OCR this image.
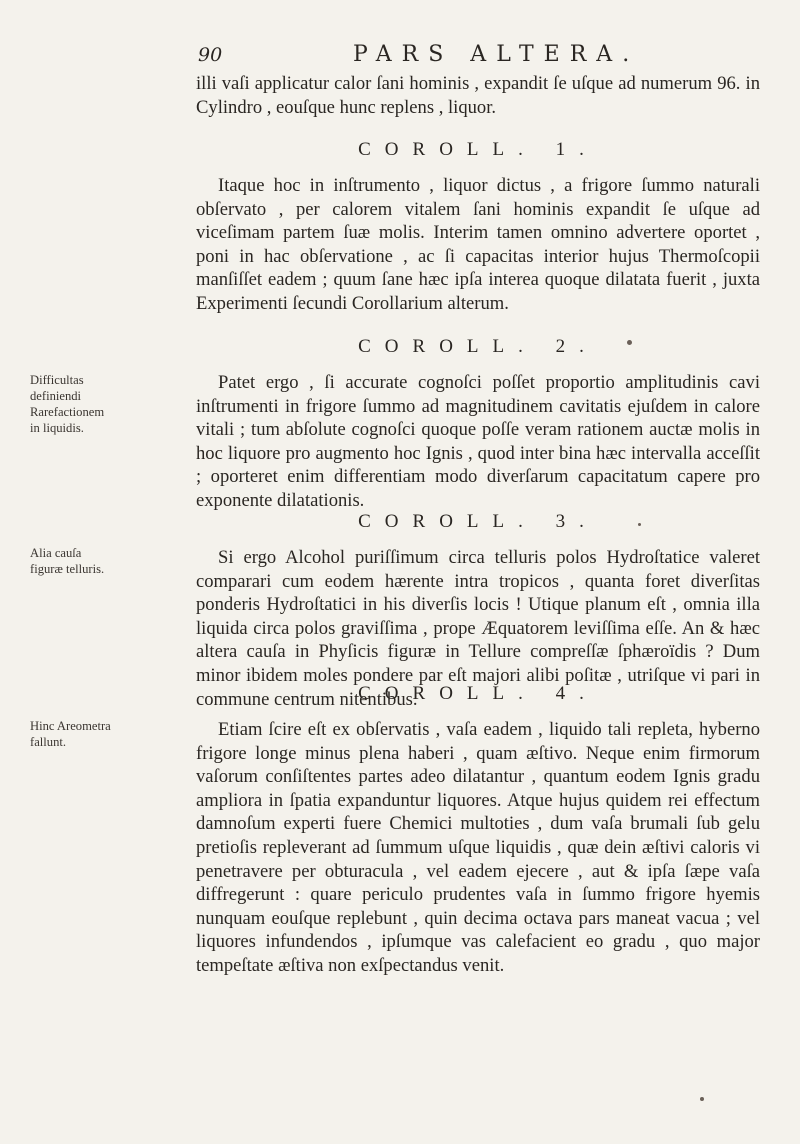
90	PARS ALTERA.
illi vaſi applicatur calor ſani hominis , expandit ſe uſque ad numerum 96. in Cylindro , eouſque hunc replens , liquor.
COROLL. 1.
Itaque hoc in inſtrumento , liquor dictus , a frigore ſummo naturali obſervato , per calorem vitalem ſani hominis expandit ſe uſque ad viceſimam partem ſuæ molis. Interim tamen omnino advertere oportet , poni in hac obſervatione , ac ſi capacitas interior hujus Thermoſcopii manſiſſet eadem ; quum ſane hæc ipſa interea quoque dilatata fuerit , juxta Experimenti ſecundi Corollarium alterum.
COROLL. 2.
Difficultas definiendi Rarefactionem in liquidis.
Patet ergo , ſi accurate cognoſci poſſet proportio amplitudinis cavi inſtrumenti in frigore ſummo ad magnitudinem cavitatis ejuſdem in calore vitali ; tum abſolute cognoſci quoque poſſe veram rationem auctæ molis in hoc liquore pro augmento hoc Ignis , quod inter bina hæc intervalla acceſſit ; oporteret enim differentiam modo diverſarum capacitatum capere pro exponente dilatationis.
COROLL. 3.
Alia cauſa figuræ telluris.
Si ergo Alcohol puriſſimum circa telluris polos Hydroſtatice valeret comparari cum eodem hærente intra tropicos , quanta foret diverſitas ponderis Hydroſtatici in his diverſis locis ! Utique planum eſt , omnia illa liquida circa polos graviſſima , prope Æquatorem leviſſima eſſe. An & hæc altera cauſa in Phyſicis figuræ in Tellure compreſſæ ſphæroïdis ? Dum minor ibidem moles pondere par eſt majori alibi poſitæ , utriſque vi pari in commune centrum nitentibus.
COROLL. 4.
Hinc Areometra fallunt.
Etiam ſcire eſt ex obſervatis , vaſa eadem , liquido tali repleta, hyberno frigore longe minus plena haberi , quam æſtivo. Neque enim firmorum vaſorum conſiſtentes partes adeo dilatantur , quantum eodem Ignis gradu ampliora in ſpatia expanduntur liquores. Atque hujus quidem rei effectum damnoſum experti fuere Chemici multoties , dum vaſa brumali ſub gelu pretioſis repleverant ad ſummum uſque liquidis , quæ dein æſtivi caloris vi penetravere per obturacula , vel eadem ejecere , aut & ipſa ſæpe vaſa diffregerunt : quare periculo prudentes vaſa in ſummo frigore hyemis nunquam eouſque replebunt , quin decima octava pars maneat vacua ; vel liquores infundendos , ipſumque vas calefacient eo gradu , quo major tempeſtate æſtiva non exſpectandus venit.
